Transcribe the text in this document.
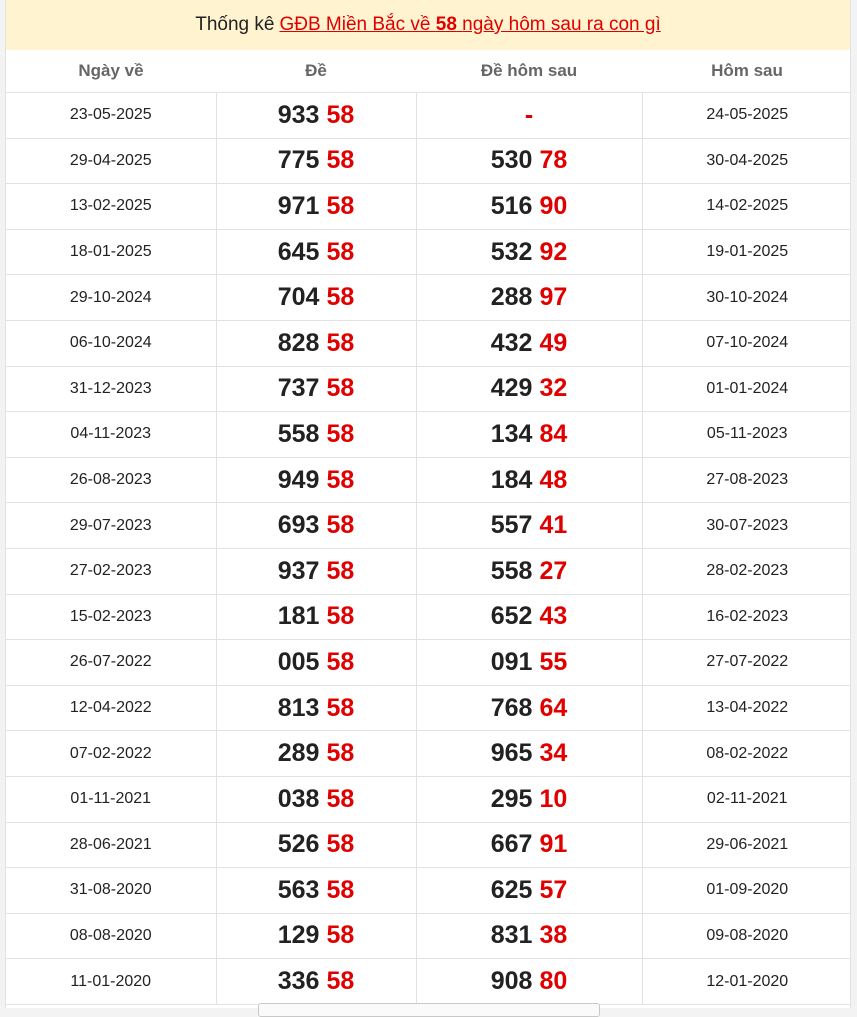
Thống kê GĐB Miền Bắc về 58 ngày hôm sau ra con gì
Ngày về	Đề	Đề hôm sau	Hôm sau
23-05-2025	933 58	-	24-05-2025
29-04-2025	775 58	530 78	30-04-2025
13-02-2025	971 58	516 90	14-02-2025
18-01-2025	645 58	532 92	19-01-2025
29-10-2024	704 58	288 97	30-10-2024
06-10-2024	828 58	432 49	07-10-2024
31-12-2023	737 58	429 32	01-01-2024
04-11-2023	558 58	134 84	05-11-2023
26-08-2023	949 58	184 48	27-08-2023
29-07-2023	693 58	557 41	30-07-2023
27-02-2023	937 58	558 27	28-02-2023
15-02-2023	181 58	652 43	16-02-2023
26-07-2022	005 58	091 55	27-07-2022
12-04-2022	813 58	768 64	13-04-2022
07-02-2022	289 58	965 34	08-02-2022
01-11-2021	038 58	295 10	02-11-2021
28-06-2021	526 58	667 91	29-06-2021
31-08-2020	563 58	625 57	01-09-2020
08-08-2020	129 58	831 38	09-08-2020
11-01-2020	336 58	908 80	12-01-2020
